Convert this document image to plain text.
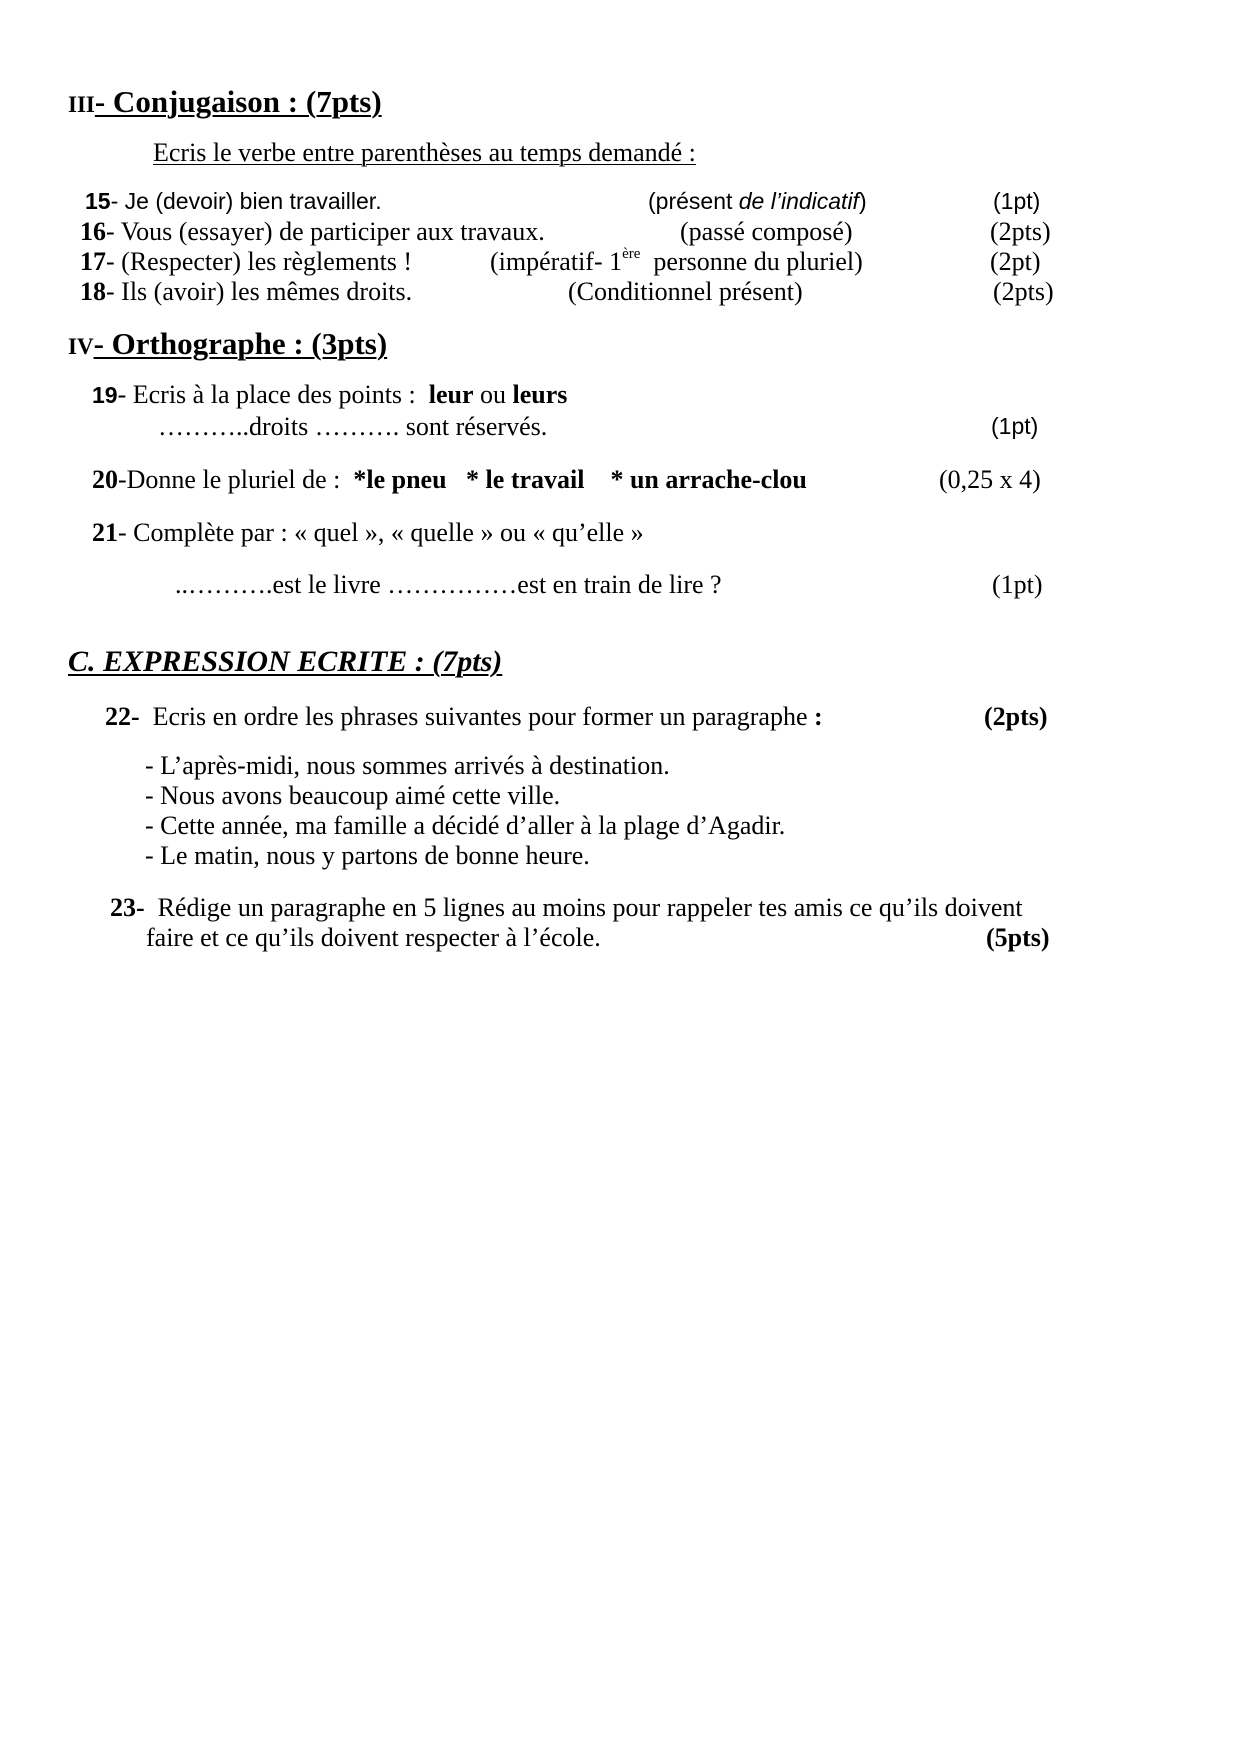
III- Conjugaison : (7pts)
Ecris le verbe entre parenthèses au temps demandé :
15- Je (devoir) bien travailler.	(présent de l’indicatif)	(1pt)
16- Vous (essayer) de participer aux travaux.	(passé composé)	(2pts)
17- (Respecter) les règlements !	(impératif- 1ère  personne du pluriel)	(2pt)
18- Ils (avoir) les mêmes droits.	(Conditionnel présent)	(2pts)
IV- Orthographe : (3pts)
19- Ecris à la place des points :  leur ou leurs
………..droits ………. sont réservés.	(1pt)
20-Donne le pluriel de :  *le pneu   * le travail    * un arrache-clou	(0,25 x 4)
21- Complète par : « quel », « quelle » ou « qu’elle »
..……….est le livre ……………est en train de lire ?	(1pt)
C. EXPRESSION ECRITE : (7pts)
22- Ecris en ordre les phrases suivantes pour former un paragraphe :	(2pts)
- L’après-midi, nous sommes arrivés à destination.
- Nous avons beaucoup aimé cette ville.
- Cette année, ma famille a décidé d’aller à la plage d’Agadir.
- Le matin, nous y partons de bonne heure.
23- Rédige un paragraphe en 5 lignes au moins pour rappeler tes amis ce qu’ils doivent
faire et ce qu’ils doivent respecter à l’école.	(5pts)
